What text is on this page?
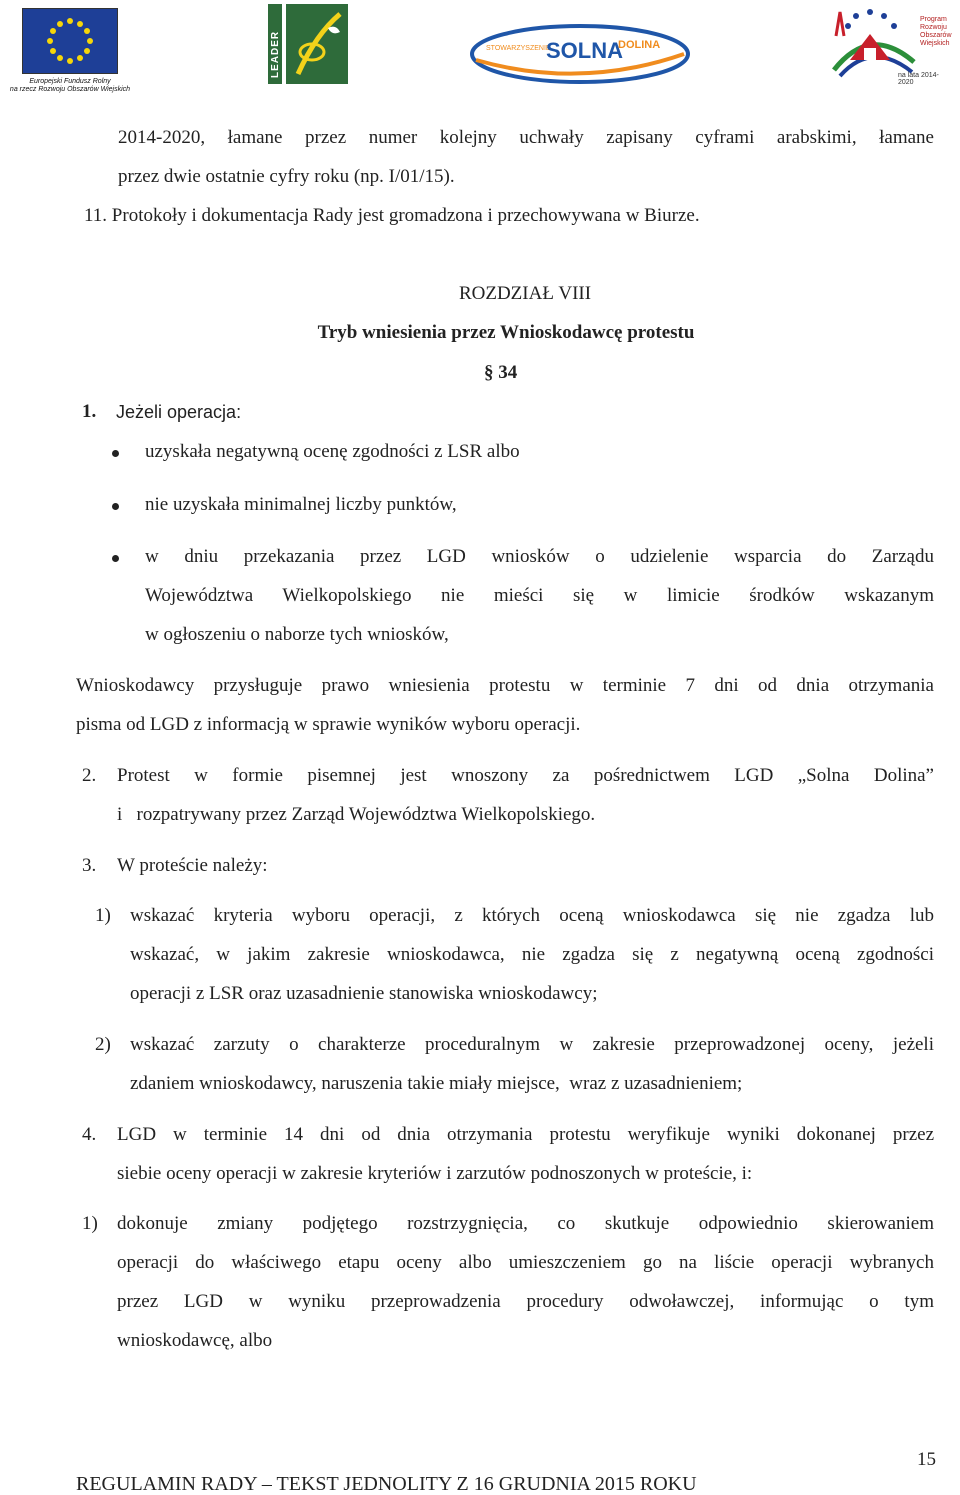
Europejski Fundusz Rolny
na rzecz Rozwoju Obszarów Wiejskich
LEADER	STOWARZYSZENIE
SOLNA
DOLINA
Program
Rozwoju
Obszarów
Wiejskich
na lata 2014-2020
2014-2020, łamane przez numer kolejny uchwały zapisany cyframi arabskimi, łamane
przez dwie ostatnie cyfry roku (np. I/01/15).
11. Protokoły i dokumentacja Rady jest gromadzona i przechowywana w Biurze.
ROZDZIAŁ VIII
Tryb wniesienia przez Wnioskodawcę protestu
§ 34
1. Jeżeli operacja:
uzyskała negatywną ocenę zgodności z LSR albo
nie uzyskała minimalnej liczby punktów,
w dniu przekazania przez LGD wniosków o udzielenie wsparcia do Zarządu
Województwa Wielkopolskiego nie mieści się w limicie środków wskazanym
w ogłoszeniu o naborze tych wniosków,
Wnioskodawcy przysługuje prawo wniesienia protestu w terminie 7 dni od dnia otrzymania
pisma od LGD z informacją w sprawie wyników wyboru operacji.
2. Protest w formie pisemnej jest wnoszony za pośrednictwem LGD „Solna Dolina”
i   rozpatrywany przez Zarząd Województwa Wielkopolskiego.
3. W proteście należy:
1) wskazać kryteria wyboru operacji, z których oceną wnioskodawca się nie zgadza lub
wskazać, w jakim zakresie wnioskodawca, nie zgadza się z negatywną oceną zgodności
operacji z LSR oraz uzasadnienie stanowiska wnioskodawcy;
2) wskazać zarzuty o charakterze proceduralnym w zakresie przeprowadzonej oceny, jeżeli
zdaniem wnioskodawcy, naruszenia takie miały miejsce,  wraz z uzasadnieniem;
4. LGD w terminie 14 dni od dnia otrzymania protestu weryfikuje wyniki dokonanej przez
siebie oceny operacji w zakresie kryteriów i zarzutów podnoszonych w proteście, i:
1) dokonuje zmiany podjętego rozstrzygnięcia, co skutkuje odpowiednio skierowaniem
operacji do właściwego etapu oceny albo umieszczeniem go na liście operacji wybranych
przez LGD w wyniku przeprowadzenia procedury odwoławczej, informując o tym
wnioskodawcę, albo
15
REGULAMIN RADY – TEKST JEDNOLITY Z 16 GRUDNIA 2015 ROKU
